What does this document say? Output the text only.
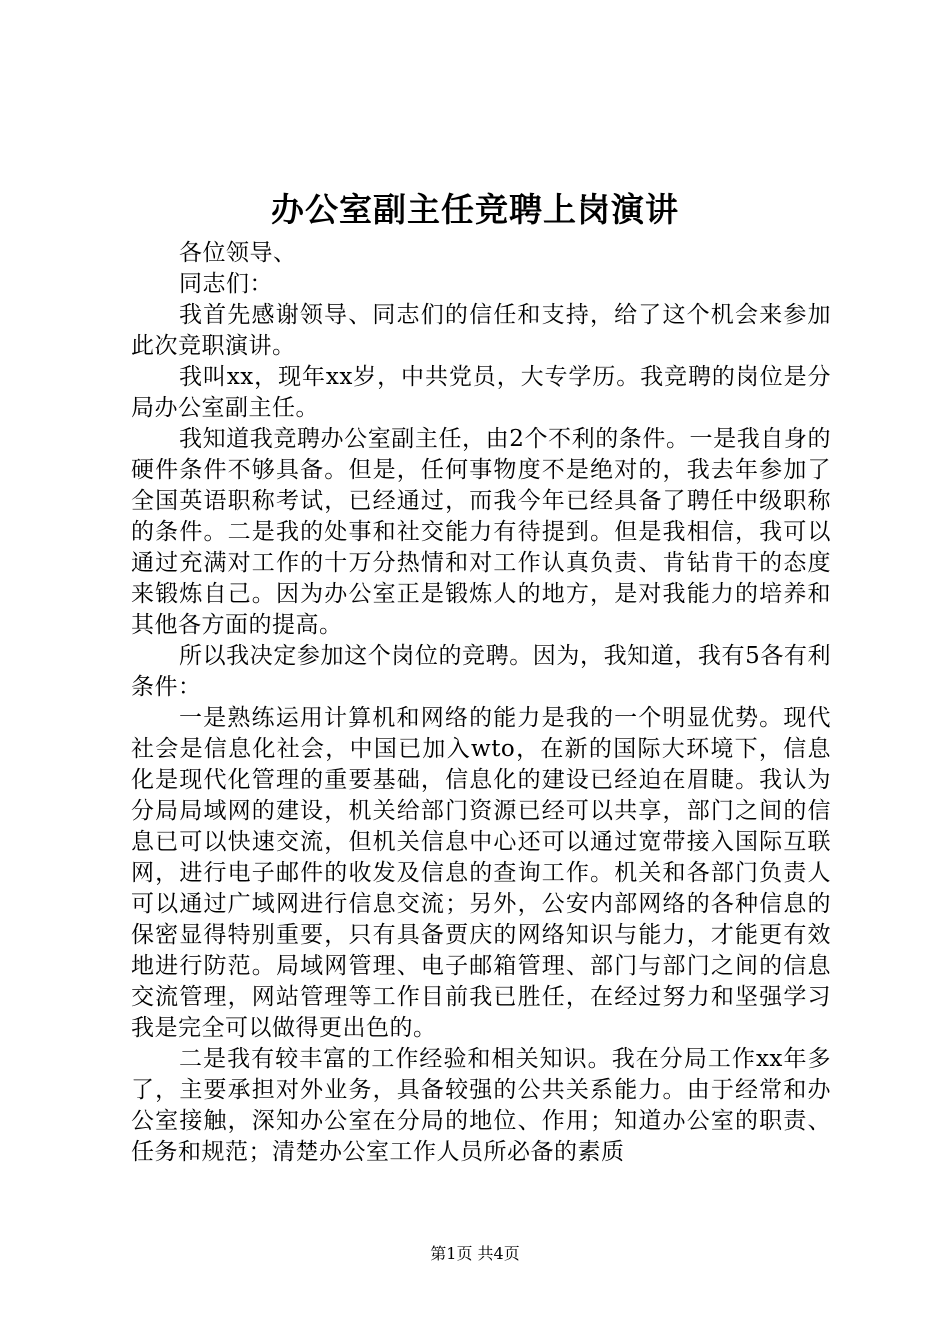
办公室副主任竞聘上岗演讲

各位领导、

同志们：

我首先感谢领导、同志们的信任和支持，给了这个机会来参加此次竞职演讲。

我叫xx，现年xx岁，中共党员，大专学历。我竞聘的岗位是分局办公室副主任。

我知道我竞聘办公室副主任，由2个不利的条件。一是我自身的硬件条件不够具备。但是，任何事物度不是绝对的，我去年参加了全国英语职称考试，已经通过，而我今年已经具备了聘任中级职称的条件。二是我的处事和社交能力有待提到。但是我相信，我可以通过充满对工作的十万分热情和对工作认真负责、肯钻肯干的态度来锻炼自己。因为办公室正是锻炼人的地方，是对我能力的培养和其他各方面的提高。

所以我决定参加这个岗位的竞聘。因为，我知道，我有5各有利条件：

一是熟练运用计算机和网络的能力是我的一个明显优势。现代社会是信息化社会，中国已加入wto，在新的国际大环境下，信息化是现代化管理的重要基础，信息化的建设已经迫在眉睫。我认为分局局域网的建设，机关给部门资源已经可以共享，部门之间的信息已可以快速交流，但机关信息中心还可以通过宽带接入国际互联网，进行电子邮件的收发及信息的查询工作。机关和各部门负责人可以通过广域网进行信息交流；另外，公安内部网络的各种信息的保密显得特别重要，只有具备贾庆的网络知识与能力，才能更有效地进行防范。局域网管理、电子邮箱管理、部门与部门之间的信息交流管理，网站管理等工作目前我已胜任，在经过努力和坚强学习我是完全可以做得更出色的。

二是我有较丰富的工作经验和相关知识。我在分局工作xx年多了，主要承担对外业务，具备较强的公共关系能力。由于经常和办公室接触，深知办公室在分局的地位、作用；知道办公室的职责、任务和规范；清楚办公室工作人员所必备的素质

第1页 共4页
